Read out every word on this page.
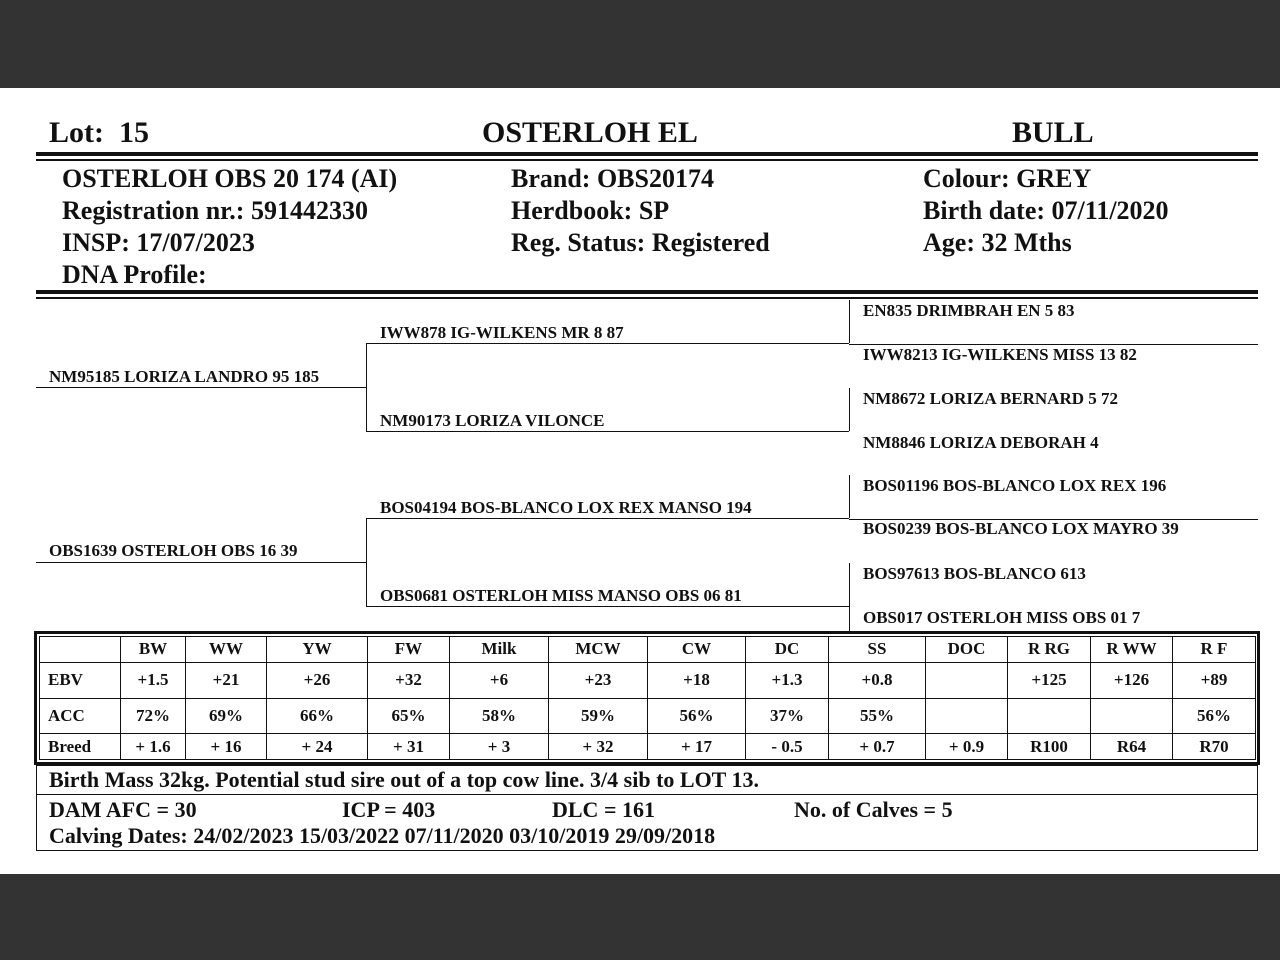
Lot: 15	OSTERLOH EL	BULL
OSTERLOH OBS 20 174 (AI)
Registration nr.: 591442330
INSP: 17/07/2023
DNA Profile:
Brand: OBS20174
Herdbook: SP
Reg. Status: Registered
Colour: GREY
Birth date: 07/11/2020
Age: 32 Mths
NM95185 LORIZA LANDRO 95 185
OBS1639 OSTERLOH OBS 16 39
IWW878 IG-WILKENS MR 8 87
NM90173 LORIZA VILONCE
BOS04194 BOS-BLANCO LOX REX MANSO 194
OBS0681 OSTERLOH MISS MANSO OBS 06 81
EN835 DRIMBRAH EN 5 83
IWW8213 IG-WILKENS MISS 13 82
NM8672 LORIZA BERNARD 5 72
NM8846 LORIZA DEBORAH 4
BOS01196 BOS-BLANCO LOX REX 196
BOS0239 BOS-BLANCO LOX MAYRO 39
BOS97613 BOS-BLANCO 613
OBS017 OSTERLOH MISS OBS 01 7
	BW	WW	YW	FW	Milk	MCW	CW	DC	SS	DOC	R RG	R WW	R F
EBV	+1.5	+21	+26	+32	+6	+23	+18	+1.3	+0.8		+125	+126	+89
ACC	72%	69%	66%	65%	58%	59%	56%	37%	55%				56%
Breed	+ 1.6	+ 16	+ 24	+ 31	+ 3	+ 32	+ 17	- 0.5	+ 0.7	+ 0.9	R100	R64	R70
Birth Mass 32kg. Potential stud sire out of a top cow line. 3/4 sib to LOT 13.
DAM AFC = 30	ICP = 403	DLC = 161	No. of Calves = 5
Calving Dates: 24/02/2023 15/03/2022 07/11/2020 03/10/2019 29/09/2018
